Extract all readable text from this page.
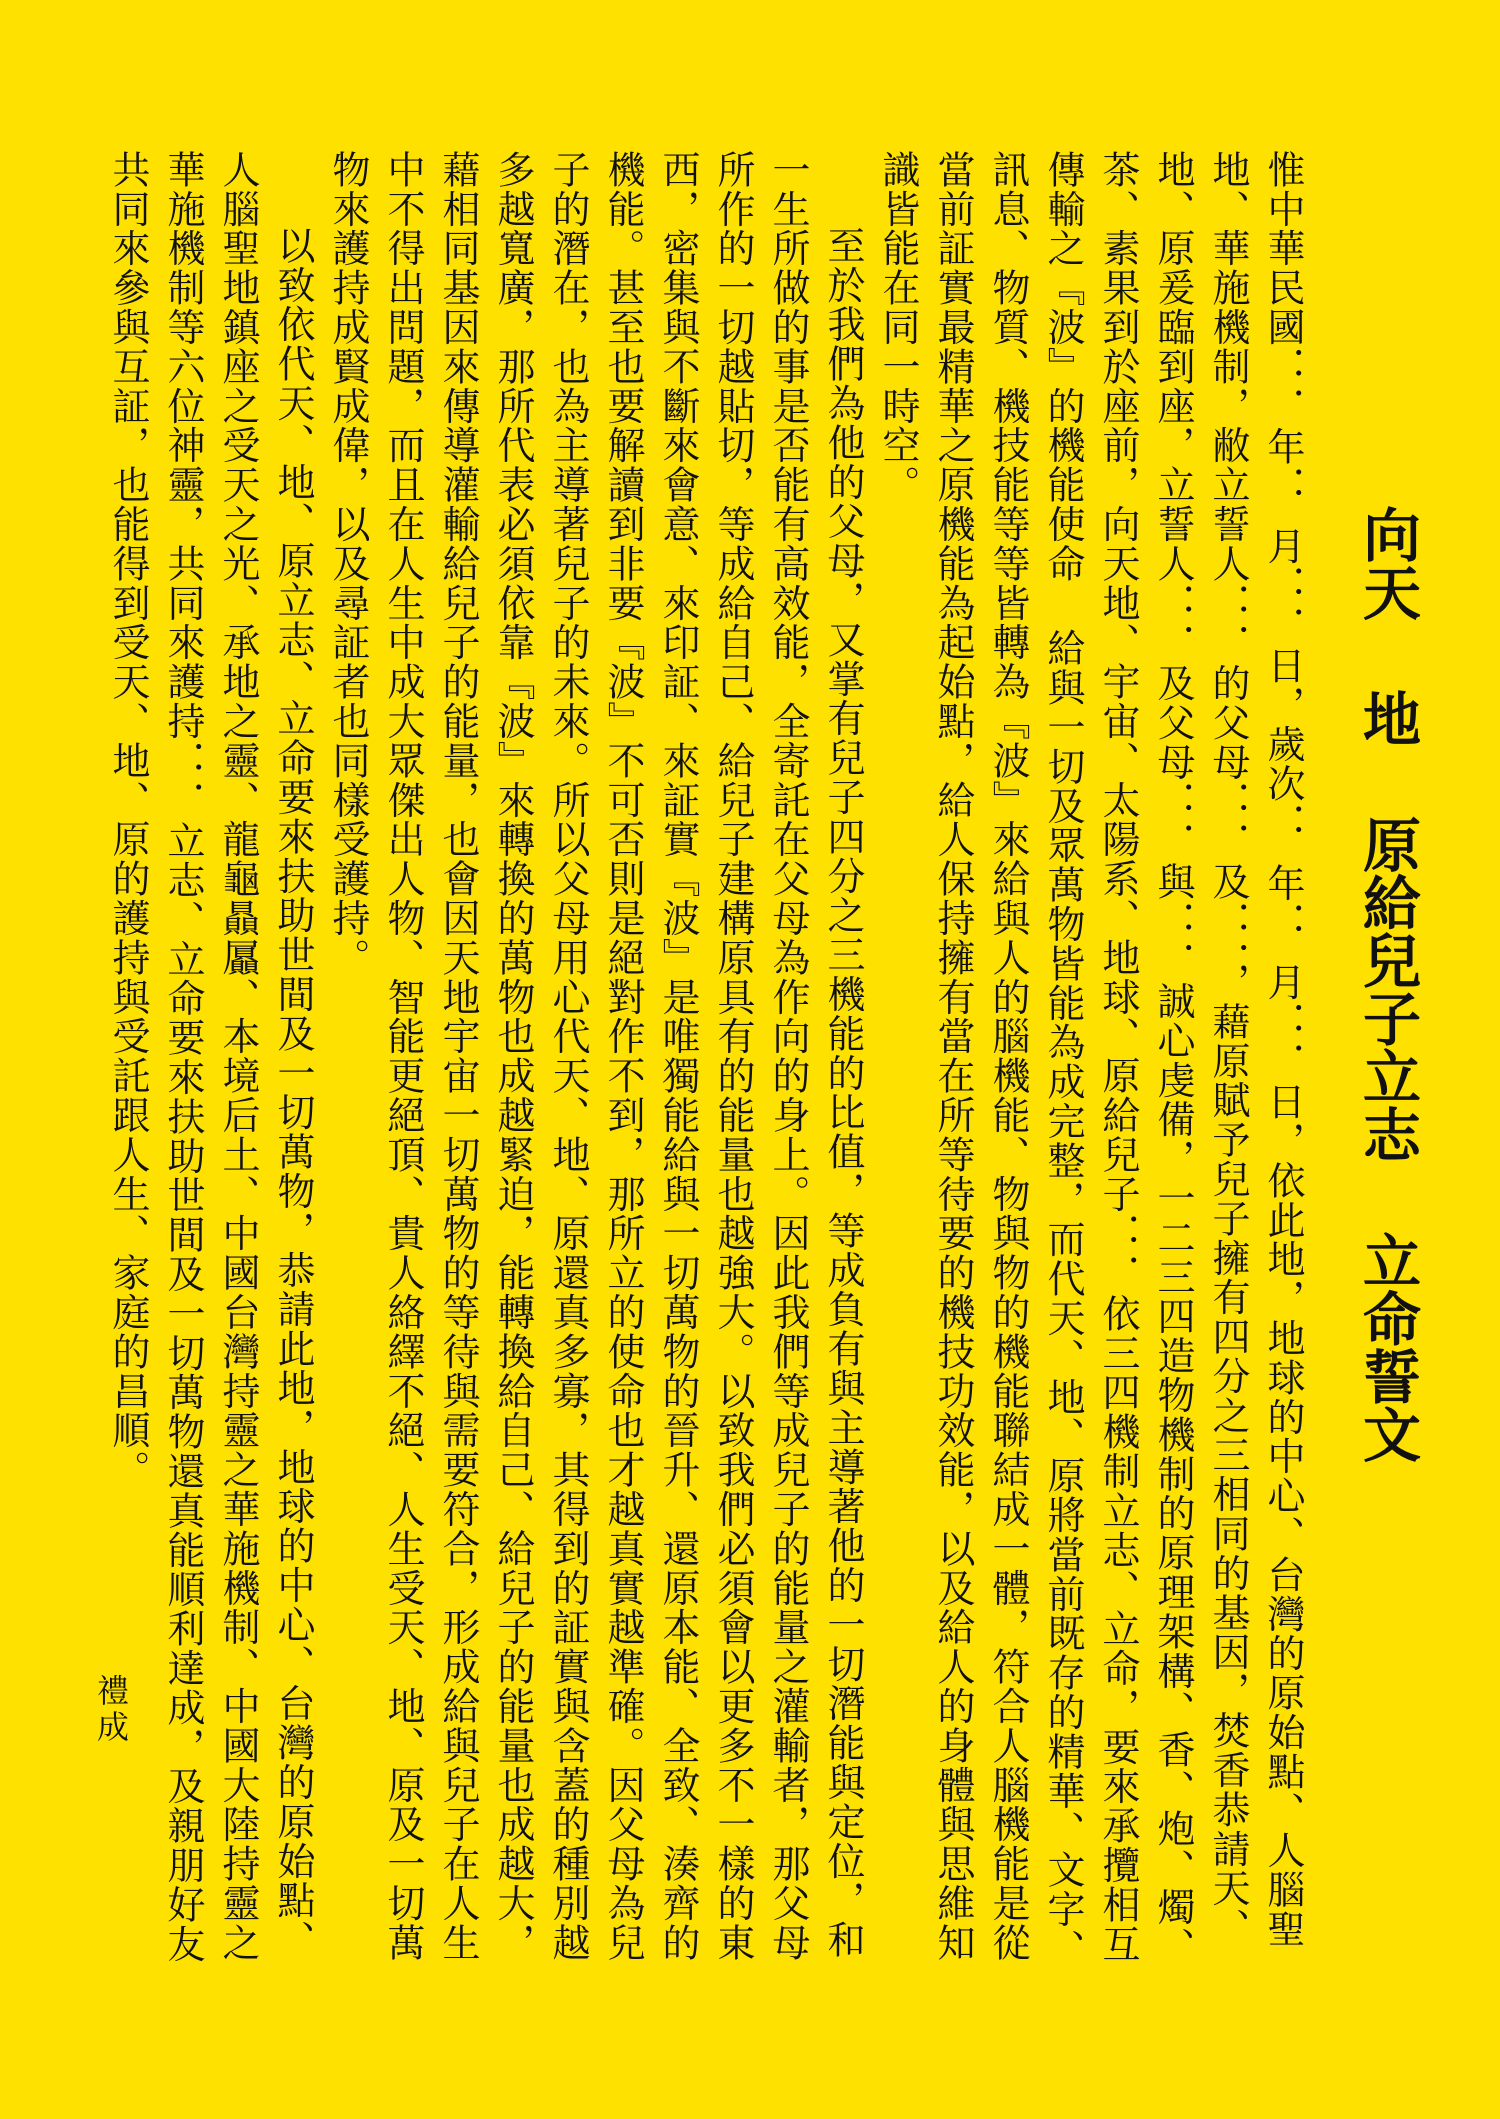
向天 地 原給兒子立志 立命誓文

惟中華民國．．．年．．月．．．日，歲次．．年．．月．．．日，依此地，地球的中心、台灣的原始點、人腦聖地、華施機制，敝立誓人．．．的父母．．．及．．．，藉原賦予兒子擁有四分之三相同的基因，焚香恭請天、地、原爰臨到座，立誓人．．．及父母．．．與．．．誠心虔備，一二三四造物機制的原理架構、香、炮、燭、茶、素果到於座前，向天地、宇宙、太陽系、地球、原給兒子．．．依三四機制立志、立命，要來承攬相互傳輸之『波』的機能使命 給與一切及眾萬物皆能為成完整，而代天、地、原將當前既存的精華、文字、訊息、物質、機技能等等皆轉為『波』來給與人的腦機能、物與物的機能聯結成一體，符合人腦機能是從當前証實最精華之原機能為起始點，給人保持擁有當在所等待要的機技功效能，以及給人的身體與思維知識皆能在同一時空。

至於我們為他的父母，又掌有兒子四分之三機能的比值，等成負有與主導著他的一切潛能與定位，和一生所做的事是否能有高效能，全寄託在父母為作向的身上。因此我們等成兒子的能量之灌輸者，那父母所作的一切越貼切，等成給自己、給兒子建構原具有的能量也越強大。以致我們必須會以更多不一樣的東西，密集與不斷來會意、來印証、來証實『波』是唯獨能給與一切萬物的晉升、還原本能、全致、湊齊的機能。甚至也要解讀到非要『波』不可否則是絕對作不到，那所立的使命也才越真實越準確。因父母為兒子的潛在，也為主導著兒子的未來。所以父母用心代天、地、原還真多寡，其得到的証實與含蓋的種別越多越寬廣，那所代表必須依靠『波』來轉換的萬物也成越緊迫，能轉換給自己、給兒子的能量也成越大，藉相同基因來傳導灌輸給兒子的能量，也會因天地宇宙一切萬物的等待與需要符合，形成給與兒子在人生中不得出問題，而且在人生中成大眾傑出人物、智能更絕頂、貴人絡繹不絕、人生受天、地、原及一切萬物來護持成賢成偉，以及尋証者也同樣受護持。

以致依代天、地、原立志、立命要來扶助世間及一切萬物，恭請此地，地球的中心、台灣的原始點、人腦聖地鎮座之受天之光、承地之靈、龍龜贔屭、本境后土、中國台灣持靈之華施機制、中國大陸持靈之華施機制等六位神靈，共同來護持．．．立志、立命要來扶助世間及一切萬物還真能順利達成，及親朋好友共同來參與互証，也能得到受天、地、原的護持與受託跟人生、家庭的昌順。

禮成
